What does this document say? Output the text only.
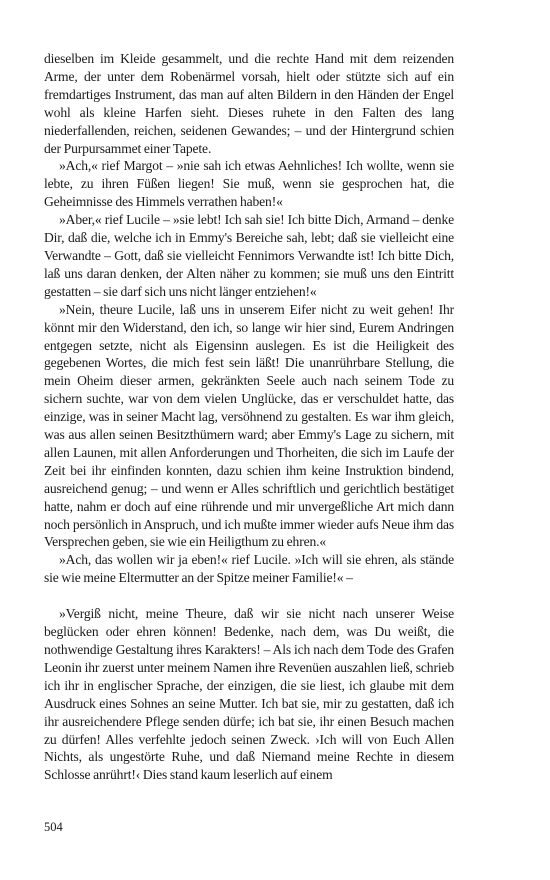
dieselben im Kleide gesammelt, und die rechte Hand mit dem reizenden Arme, der unter dem Robenärmel vorsah, hielt oder stützte sich auf ein fremdartiges Instrument, das man auf alten Bildern in den Händen der Engel wohl als kleine Harfen sieht. Dieses ruhete in den Falten des lang niederfallenden, reichen, seidenen Gewandes; – und der Hintergrund schien der Purpursammet einer Tapete.

»Ach,« rief Margot – »nie sah ich etwas Aehnliches! Ich wollte, wenn sie lebte, zu ihren Füßen liegen! Sie muß, wenn sie gesprochen hat, die Geheimnisse des Himmels verrathen haben!«

»Aber,« rief Lucile – »sie lebt! Ich sah sie! Ich bitte Dich, Armand – denke Dir, daß die, welche ich in Emmy's Bereiche sah, lebt; daß sie vielleicht eine Verwandte – Gott, daß sie vielleicht Fennimors Verwandte ist! Ich bitte Dich, laß uns daran denken, der Alten näher zu kommen; sie muß uns den Eintritt gestatten – sie darf sich uns nicht länger entziehen!«

»Nein, theure Lucile, laß uns in unserem Eifer nicht zu weit gehen! Ihr könnt mir den Widerstand, den ich, so lange wir hier sind, Eurem Andringen entgegen setzte, nicht als Eigensinn auslegen. Es ist die Heiligkeit des gegebenen Wortes, die mich fest sein läßt! Die unanrührbare Stellung, die mein Oheim dieser armen, gekränkten Seele auch nach seinem Tode zu sichern suchte, war von dem vielen Unglücke, das er verschuldet hatte, das einzige, was in seiner Macht lag, versöhnend zu gestalten. Es war ihm gleich, was aus allen seinen Besitzthümern ward; aber Emmy's Lage zu sichern, mit allen Launen, mit allen Anforderungen und Thorheiten, die sich im Laufe der Zeit bei ihr einfinden konnten, dazu schien ihm keine Instruktion bindend, ausreichend genug; – und wenn er Alles schriftlich und gerichtlich bestätiget hatte, nahm er doch auf eine rührende und mir unvergeßliche Art mich dann noch persönlich in Anspruch, und ich mußte immer wieder aufs Neue ihm das Versprechen geben, sie wie ein Heiligthum zu ehren.«

»Ach, das wollen wir ja eben!« rief Lucile. »Ich will sie ehren, als stände sie wie meine Eltermutter an der Spitze meiner Familie!« –

»Vergiß nicht, meine Theure, daß wir sie nicht nach unserer Weise beglücken oder ehren können! Bedenke, nach dem, was Du weißt, die nothwendige Gestaltung ihres Karakters! – Als ich nach dem Tode des Grafen Leonin ihr zuerst unter meinem Namen ihre Revenüen auszahlen ließ, schrieb ich ihr in englischer Sprache, der einzigen, die sie liest, ich glaube mit dem Ausdruck eines Sohnes an seine Mutter. Ich bat sie, mir zu gestatten, daß ich ihr ausreichendere Pflege senden dürfe; ich bat sie, ihr einen Besuch machen zu dürfen! Alles verfehlte jedoch seinen Zweck. ›Ich will von Euch Allen Nichts, als ungestörte Ruhe, und daß Niemand meine Rechte in diesem Schlosse anrührt!‹ Dies stand kaum leserlich auf einem

504
